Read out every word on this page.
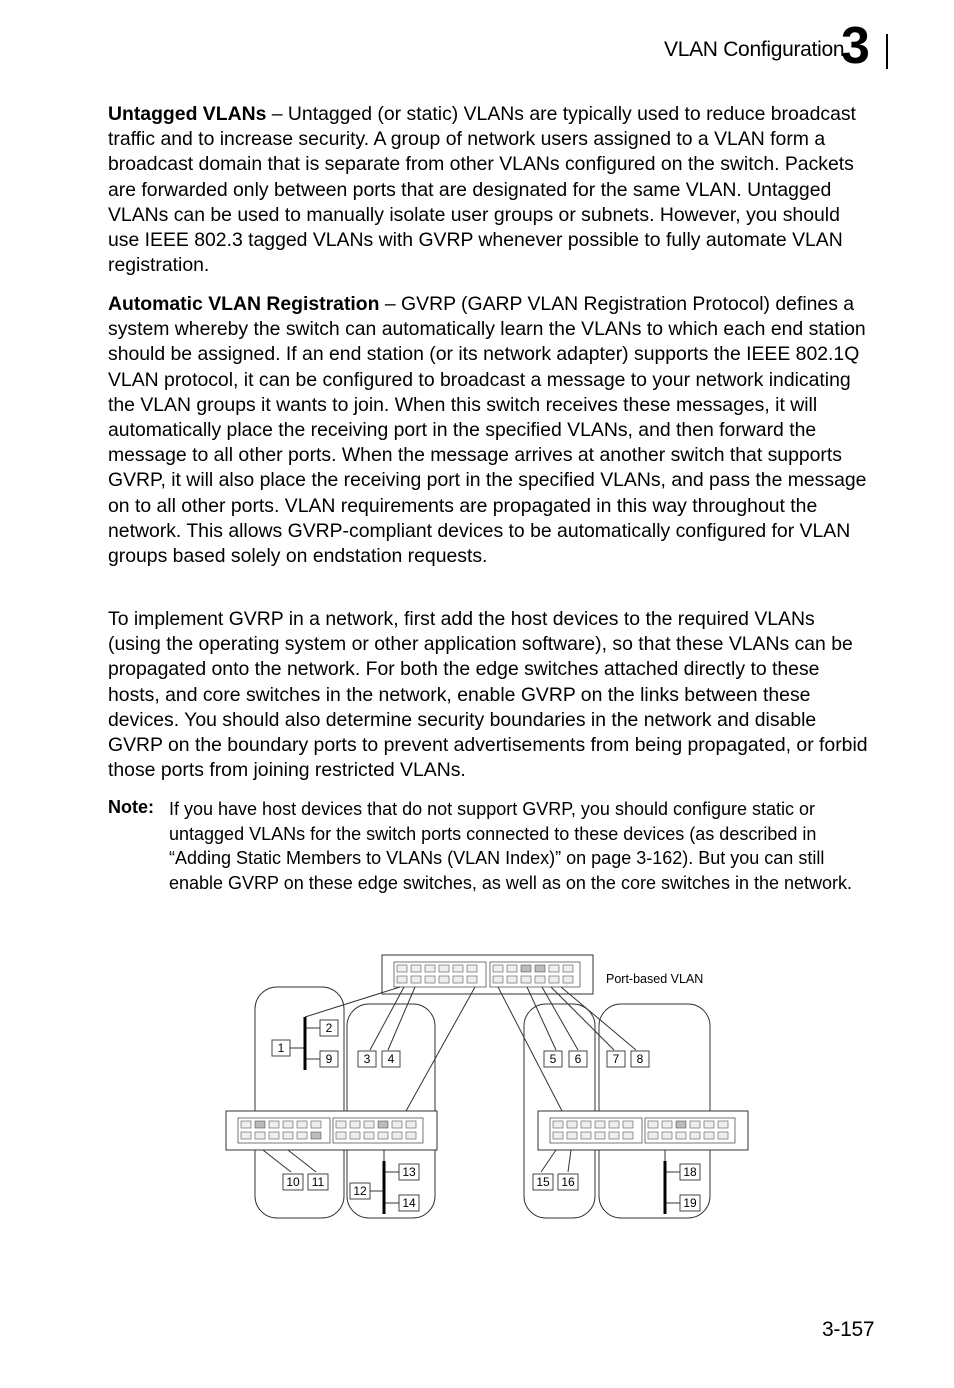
VLAN Configuration
3

Untagged VLANs – Untagged (or static) VLANs are typically used to reduce broadcast traffic and to increase security. A group of network users assigned to a VLAN form a broadcast domain that is separate from other VLANs configured on the switch. Packets are forwarded only between ports that are designated for the same VLAN. Untagged VLANs can be used to manually isolate user groups or subnets. However, you should use IEEE 802.3 tagged VLANs with GVRP whenever possible to fully automate VLAN registration.

Automatic VLAN Registration – GVRP (GARP VLAN Registration Protocol) defines a system whereby the switch can automatically learn the VLANs to which each end station should be assigned. If an end station (or its network adapter) supports the IEEE 802.1Q VLAN protocol, it can be configured to broadcast a message to your network indicating the VLAN groups it wants to join. When this switch receives these messages, it will automatically place the receiving port in the specified VLANs, and then forward the message to all other ports. When the message arrives at another switch that supports GVRP, it will also place the receiving port in the specified VLANs, and pass the message on to all other ports. VLAN requirements are propagated in this way throughout the network. This allows GVRP-compliant devices to be automatically configured for VLAN groups based solely on endstation requests.

To implement GVRP in a network, first add the host devices to the required VLANs (using the operating system or other application software), so that these VLANs can be propagated onto the network. For both the edge switches attached directly to these hosts, and core switches in the network, enable GVRP on the links between these devices. You should also determine security boundaries in the network and disable GVRP on the boundary ports to prevent advertisements from being propagated, or forbid those ports from joining restricted VLANs.

Note: If you have host devices that do not support GVRP, you should configure static or untagged VLANs for the switch ports connected to these devices (as described in “Adding Static Members to VLANs (VLAN Index)” on page 3-162). But you can still enable GVRP on these edge switches, as well as on the core switches in the network.

1
2
3 4	5 6	7 8
9
10 11
12
13
14
15 16
18
19
Port-based VLAN
3-157
